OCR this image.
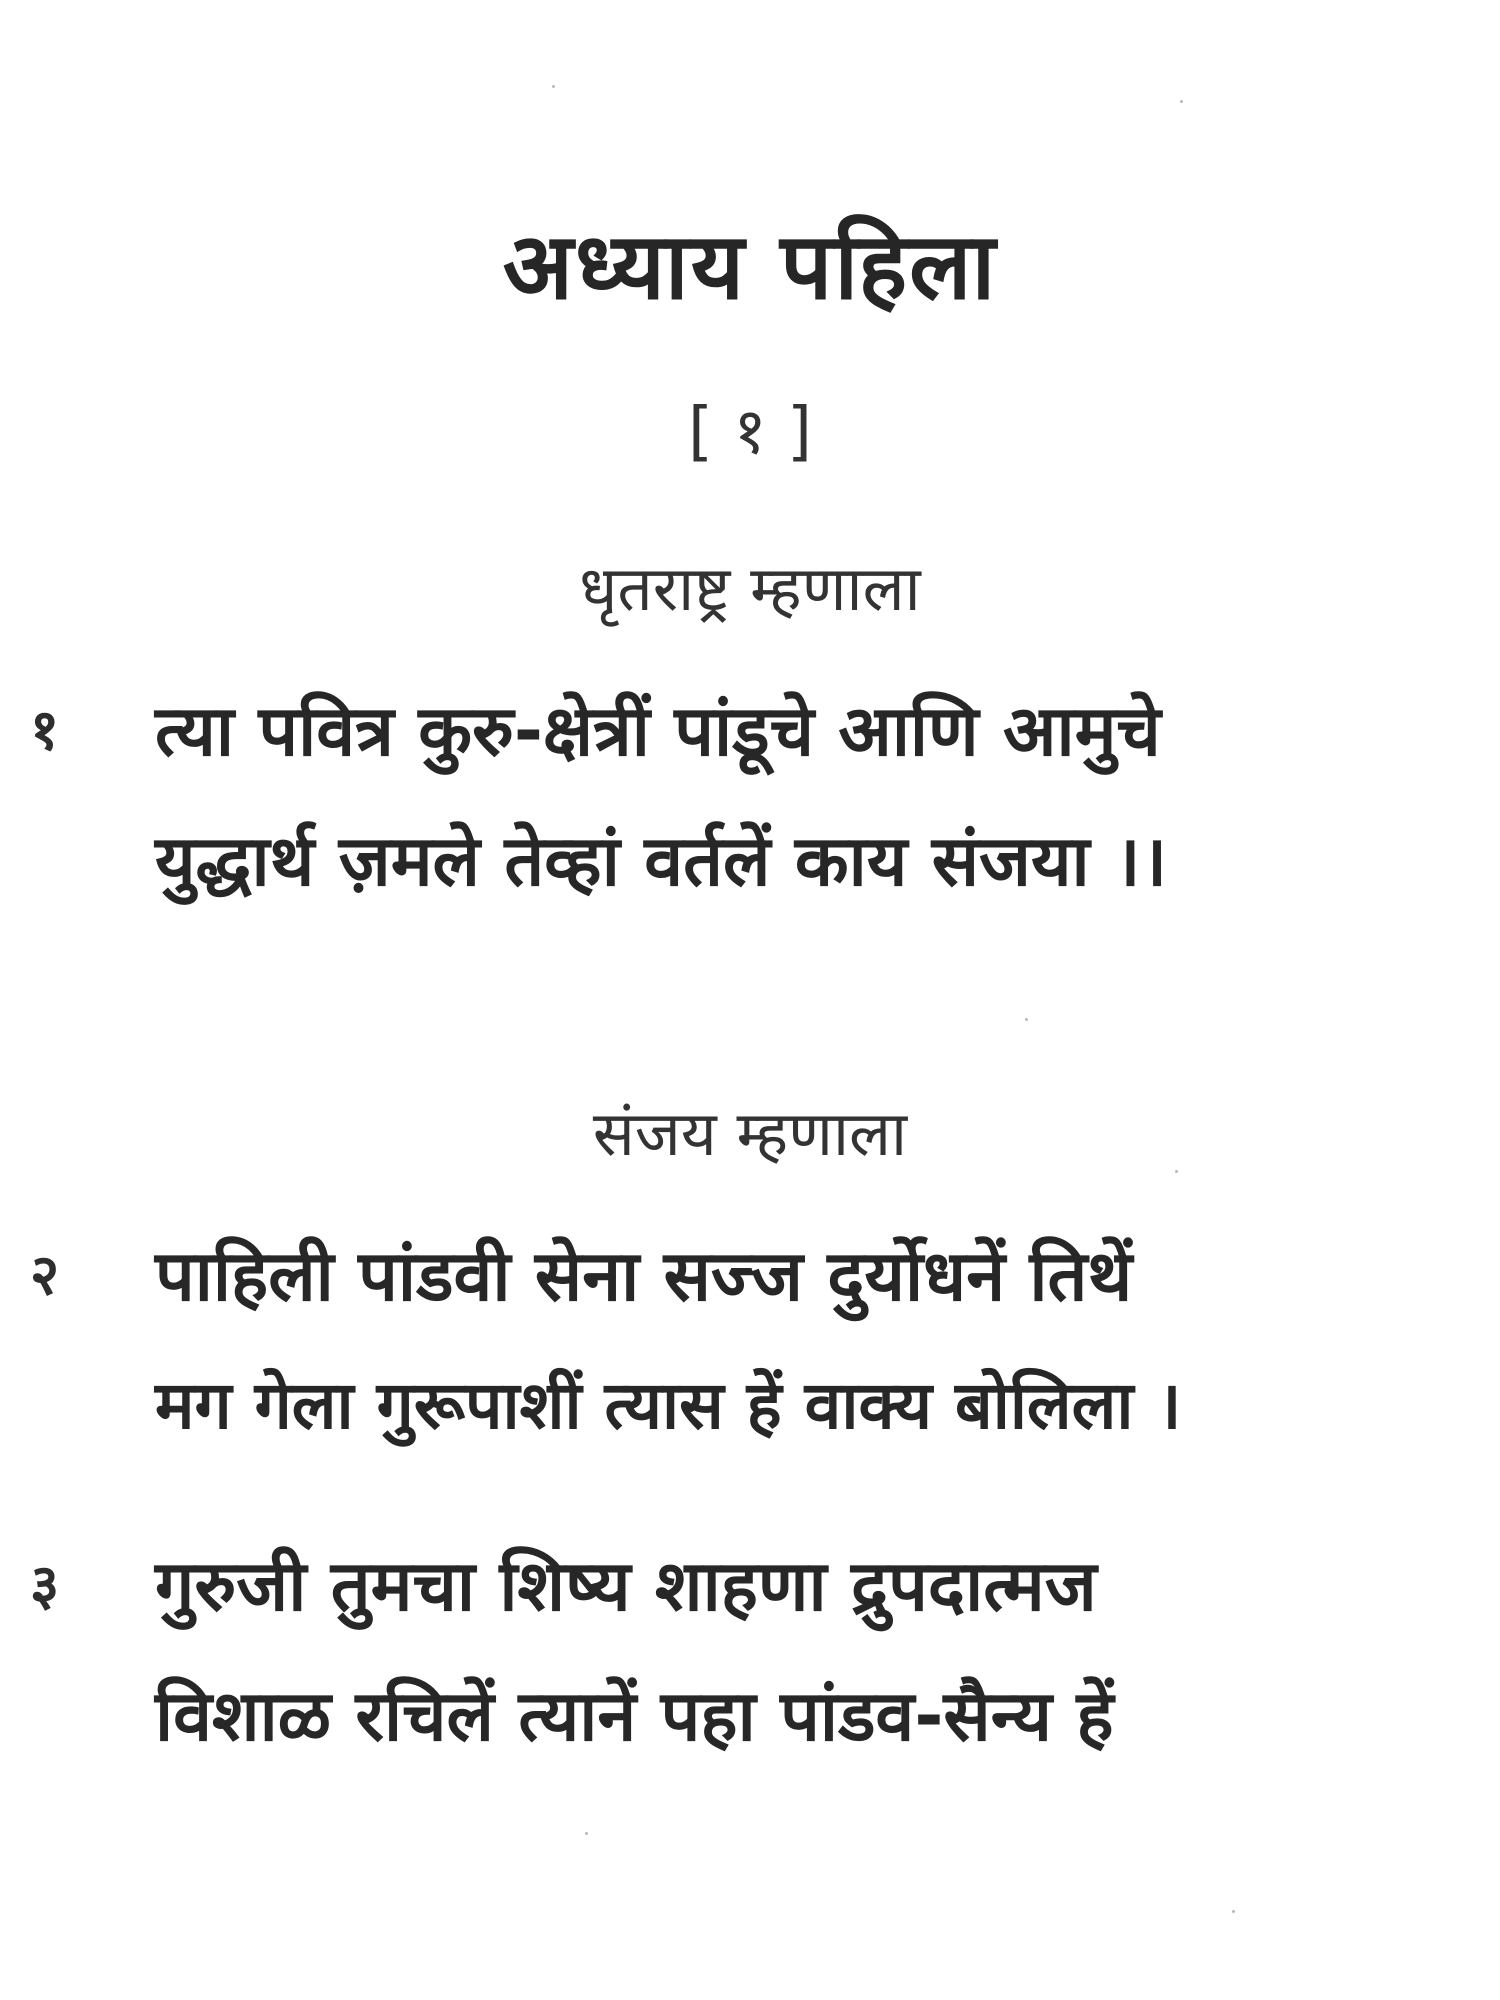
अध्याय पहिला
[ १ ]
धृतराष्ट्र म्हणाला
१	त्या पवित्र कुरु-क्षेत्रीं पांडूचे आणि आमुचे
युद्धार्थ ज़मले तेव्हां वर्तलें काय संजया ।।
संजय म्हणाला
२	पाहिली पांडवी सेना सज्ज दुर्योधनें तिथें
मग गेला गुरूपाशीं त्यास हें वाक्य बोलिला ।
३	गुरुजी तुमचा शिष्य शाहणा द्रुपदात्मज
विशाळ रचिलें त्यानें पहा पांडव-सैन्य हें
